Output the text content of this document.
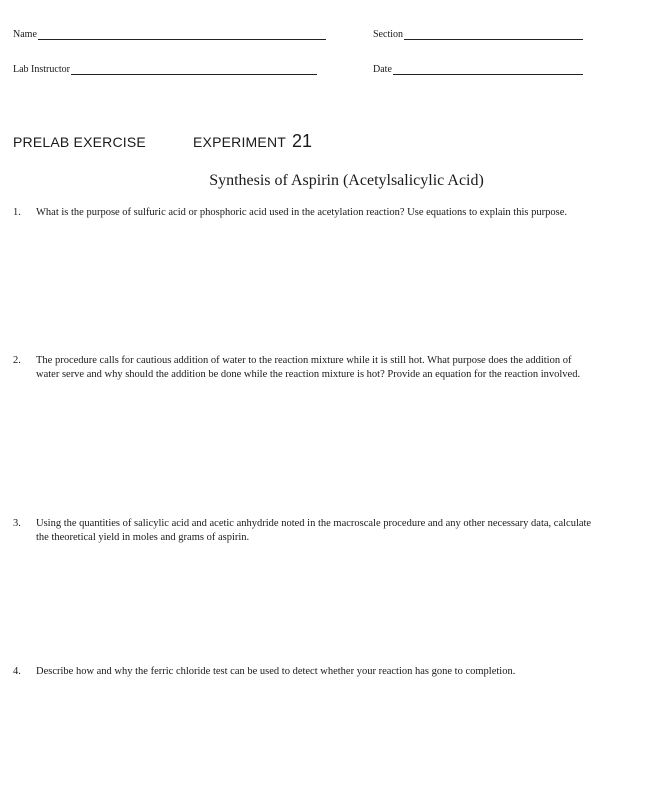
Name	Section
Lab Instructor	Date
PRELAB EXERCISE	EXPERIMENT 21
Synthesis of Aspirin (Acetylsalicylic Acid)
1.	What is the purpose of sulfuric acid or phosphoric acid used in the acetylation reaction? Use equations to explain this purpose.
2.	The procedure calls for cautious addition of water to the reaction mixture while it is still hot. What purpose does the addition of water serve and why should the addition be done while the reaction mixture is hot? Provide an equation for the reaction involved.
3.	Using the quantities of salicylic acid and acetic anhydride noted in the macroscale procedure and any other necessary data, calculate the theoretical yield in moles and grams of aspirin.
4.	Describe how and why the ferric chloride test can be used to detect whether your reaction has gone to completion.
